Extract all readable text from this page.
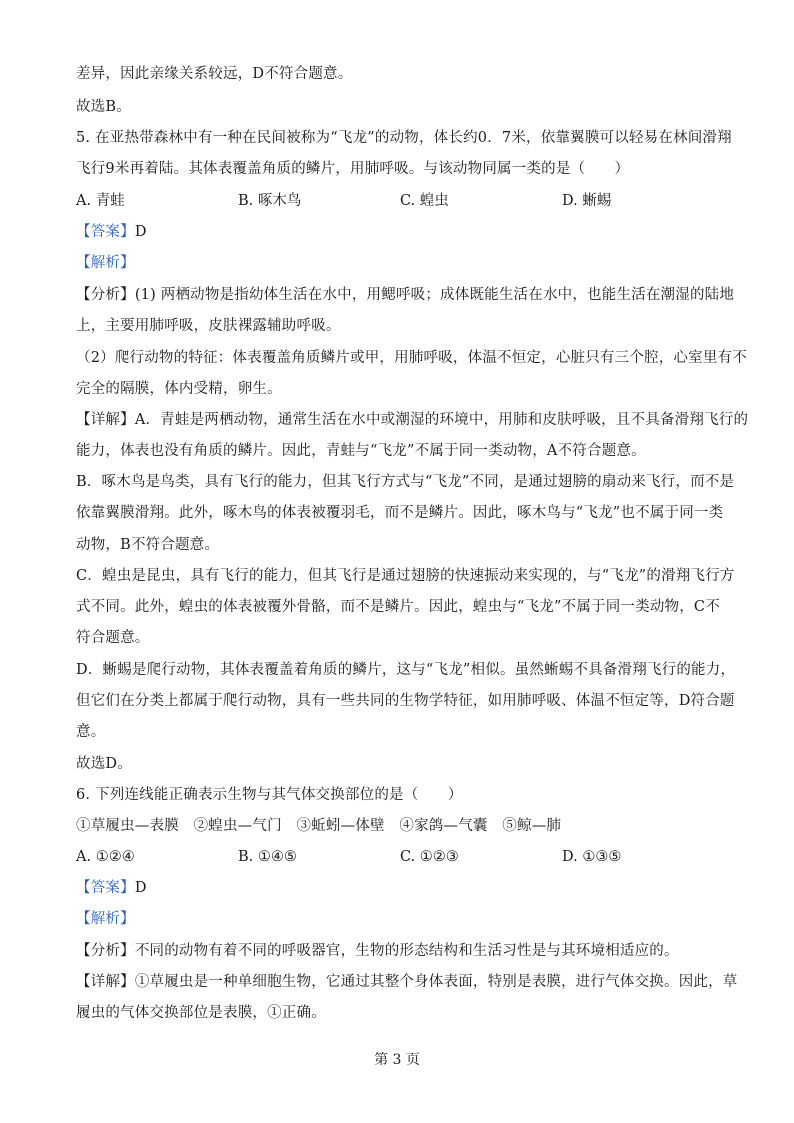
差异，因此亲缘关系较远，D不符合题意。
故选B。
5. 在亚热带森林中有一种在民间被称为“飞龙”的动物，体长约0．7米，依靠翼膜可以轻易在林间滑翔
飞行9米再着陆。其体表覆盖角质的鳞片，用肺呼吸。与该动物同属一类的是（　　）
A. 青蛙	B. 啄木鸟	C. 蝗虫	D. 蜥蜴
【答案】D
【解析】
【分析】(1) 两栖动物是指幼体生活在水中，用鳃呼吸；成体既能生活在水中，也能生活在潮湿的陆地
上，主要用肺呼吸，皮肤裸露辅助呼吸。
（2）爬行动物的特征：体表覆盖角质鳞片或甲，用肺呼吸，体温不恒定，心脏只有三个腔，心室里有不
完全的隔膜，体内受精，卵生。
【详解】A．青蛙是两栖动物，通常生活在水中或潮湿的环境中，用肺和皮肤呼吸，且不具备滑翔飞行的
能力，体表也没有角质的鳞片。因此，青蛙与“飞龙”不属于同一类动物，A不符合题意。
B．啄木鸟是鸟类，具有飞行的能力，但其飞行方式与“飞龙”不同，是通过翅膀的扇动来飞行，而不是
依靠翼膜滑翔。此外，啄木鸟的体表被覆羽毛，而不是鳞片。因此，啄木鸟与“飞龙”也不属于同一类
动物，B不符合题意。
C．蝗虫是昆虫，具有飞行的能力，但其飞行是通过翅膀的快速振动来实现的，与“飞龙”的滑翔飞行方
式不同。此外，蝗虫的体表被覆外骨骼，而不是鳞片。因此，蝗虫与“飞龙”不属于同一类动物，C不
符合题意。
D．蜥蜴是爬行动物，其体表覆盖着角质的鳞片，这与“飞龙”相似。虽然蜥蜴不具备滑翔飞行的能力，
但它们在分类上都属于爬行动物，具有一些共同的生物学特征，如用肺呼吸、体温不恒定等，D符合题
意。
故选D。
6. 下列连线能正确表示生物与其气体交换部位的是（　　）
①草履虫—表膜　②蝗虫—气门　③蚯蚓—体壁　④家鸽—气囊　⑤鲸—肺
A. ①②④	B. ①④⑤	C. ①②③	D. ①③⑤
【答案】D
【解析】
【分析】不同的动物有着不同的呼吸器官，生物的形态结构和生活习性是与其环境相适应的。
【详解】①草履虫是一种单细胞生物，它通过其整个身体表面，特别是表膜，进行气体交换。因此，草
履虫的气体交换部位是表膜，①正确。
第 3 页
